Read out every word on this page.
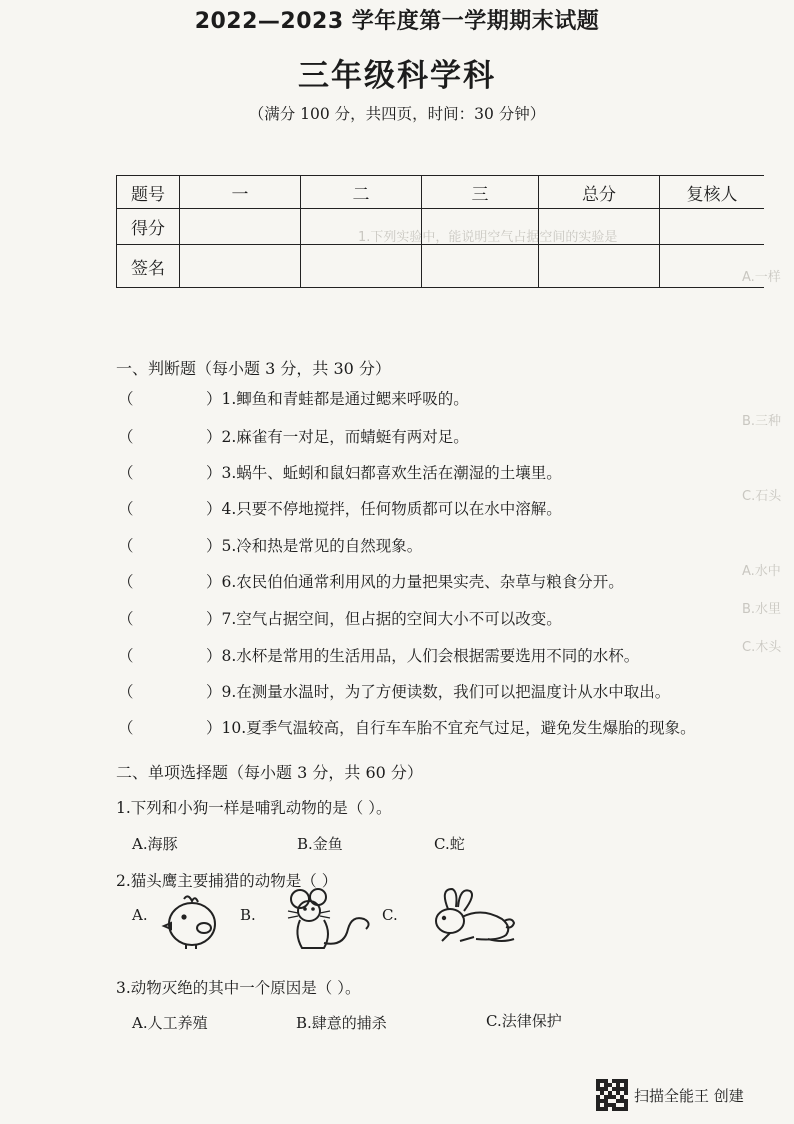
1.下列实验中，能说明空气占据空间的实验是
A.一样
B.三种
C.石头
A.水中
B.水里
C.木头
2022—2023 学年度第一学期期末试题
三年级科学科
（满分 100 分，共四页，时间：30 分钟）
题号	一	二	三	总分	复核人
得分					
签名					
一、判断题（每小题 3 分，共 30 分）
（	）1.鲫鱼和青蛙都是通过鳃来呼吸的。
（	）2.麻雀有一对足，而蜻蜓有两对足。
（	）3.蜗牛、蚯蚓和鼠妇都喜欢生活在潮湿的土壤里。
（	）4.只要不停地搅拌，任何物质都可以在水中溶解。
（	）5.冷和热是常见的自然现象。
（	）6.农民伯伯通常利用风的力量把果实壳、杂草与粮食分开。
（	）7.空气占据空间，但占据的空间大小不可以改变。
（	）8.水杯是常用的生活用品，人们会根据需要选用不同的水杯。
（	）9.在测量水温时，为了方便读数，我们可以把温度计从水中取出。
（	）10.夏季气温较高，自行车车胎不宜充气过足，避免发生爆胎的现象。
二、单项选择题（每小题 3 分，共 60 分）
1.下列和小狗一样是哺乳动物的是（ ）。
A.海豚	B.金鱼	C.蛇
2.猫头鹰主要捕猎的动物是（ ）
A.	B.	C.
3.动物灭绝的其中一个原因是（ ）。
A.人工养殖	B.肆意的捕杀	C.法律保护
扫描全能王 创建
